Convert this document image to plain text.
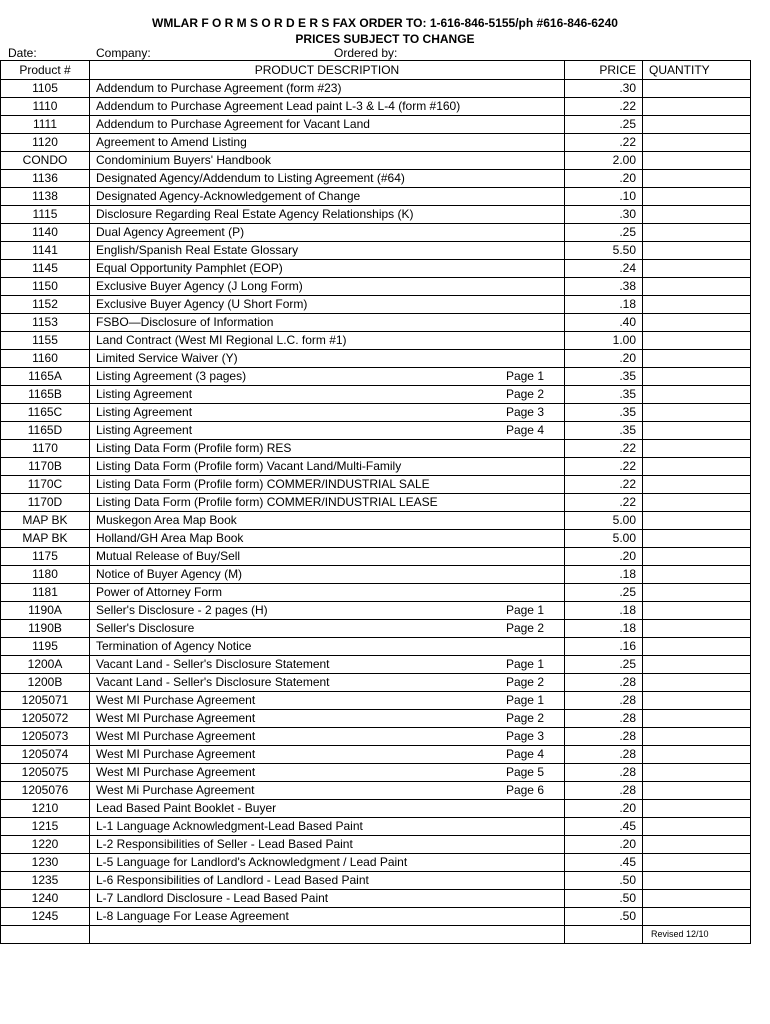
WMLAR F O R M S O R D E R S FAX ORDER TO: 1-616-846-5155/ph #616-846-6240
PRICES SUBJECT TO CHANGE
Date:	Company:	Ordered by:
Product #	PRODUCT DESCRIPTION	PRICE	QUANTITY
1105	Addendum to Purchase Agreement (form #23)	.30	
1110	Addendum to Purchase Agreement Lead paint L-3 & L-4 (form #160)	.22	
1111	Addendum to Purchase Agreement for Vacant Land	.25	
1120	Agreement to Amend Listing	.22	
CONDO	Condominium Buyers' Handbook	2.00	
1136	Designated Agency/Addendum to Listing Agreement (#64)	.20	
1138	Designated Agency-Acknowledgement of Change	.10	
1115	Disclosure Regarding Real Estate Agency Relationships (K)	.30	
1140	Dual Agency Agreement (P)	.25	
1141	English/Spanish Real Estate Glossary	5.50	
1145	Equal Opportunity Pamphlet (EOP)	.24	
1150	Exclusive Buyer Agency (J Long Form)	.38	
1152	Exclusive Buyer Agency (U Short Form)	.18	
1153	FSBO—Disclosure of Information	.40	
1155	Land Contract (West MI Regional L.C. form #1)	1.00	
1160	Limited Service Waiver (Y)	.20	
1165A	Listing Agreement (3 pages) Page 1	.35	
1165B	Listing Agreement Page 2	.35	
1165C	Listing Agreement Page 3	.35	
1165D	Listing Agreement Page 4	.35	
1170	Listing Data Form (Profile form) RES	.22	
1170B	Listing Data Form (Profile form) Vacant Land/Multi-Family	.22	
1170C	Listing Data Form (Profile form) COMMER/INDUSTRIAL SALE	.22	
1170D	Listing Data Form (Profile form) COMMER/INDUSTRIAL LEASE	.22	
MAP BK	Muskegon Area Map Book	5.00	
MAP BK	Holland/GH Area Map Book	5.00	
1175	Mutual Release of Buy/Sell	.20	
1180	Notice of Buyer Agency (M)	.18	
1181	Power of Attorney Form	.25	
1190A	Seller's Disclosure - 2 pages (H) Page 1	.18	
1190B	Seller's Disclosure Page 2	.18	
1195	Termination of Agency Notice	.16	
1200A	Vacant Land - Seller's Disclosure Statement Page 1	.25	
1200B	Vacant Land - Seller's Disclosure Statement Page 2	.28	
1205071	West MI Purchase Agreement Page 1	.28	
1205072	West MI Purchase Agreement Page 2	.28	
1205073	West MI Purchase Agreement Page 3	.28	
1205074	West MI Purchase Agreement Page 4	.28	
1205075	West MI Purchase Agreement Page 5	.28	
1205076	West Mi Purchase Agreement Page 6	.28	
1210	Lead Based Paint Booklet - Buyer	.20	
1215	L-1 Language Acknowledgment-Lead Based Paint	.45	
1220	L-2 Responsibilities of Seller - Lead Based Paint	.20	
1230	L-5 Language for Landlord's Acknowledgment / Lead Paint	.45	
1235	L-6 Responsibilities of Landlord - Lead Based Paint	.50	
1240	L-7 Landlord Disclosure - Lead Based Paint	.50	
1245	L-8 Language For Lease Agreement	.50	
			Revised 12/10
